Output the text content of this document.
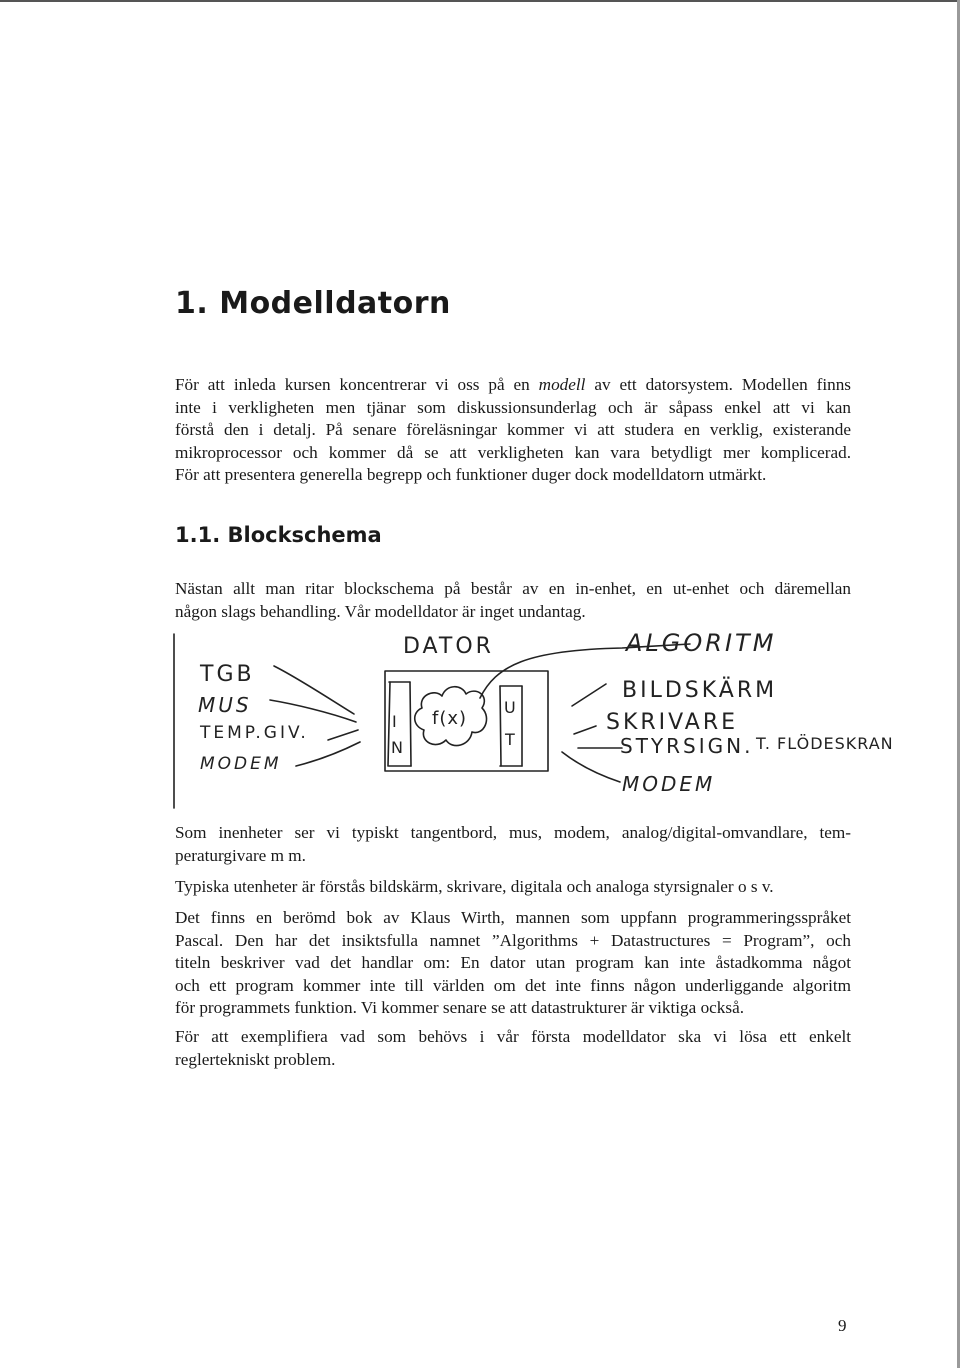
1. Modelldatorn

För att inleda kursen koncentrerar vi oss på en modell av ett datorsystem. Modellen finns
inte i verkligheten men tjänar som diskussionsunderlag och är såpass enkel att vi kan
förstå den i detalj. På senare föreläsningar kommer vi att studera en verklig, existerande
mikroprocessor och kommer då se att verkligheten kan vara betydligt mer komplicerad.
För att presentera generella begrepp och funktioner duger dock modelldatorn utmärkt.

1.1. Blockschema

Nästan allt man ritar blockschema på består av en in-enhet, en ut-enhet och däremellan
någon slags behandling. Vår modelldator är inget undantag.

DATOR	ALGORITM

TGB

MUS

TEMP.GIV.

MODEM

I

N

U

T

f(x)

BILDSKÄRM

SKRIVARE

STYRSIGN. T. FLÖDESKRAN

MODEM

Som inenheter ser vi typiskt tangentbord, mus, modem, analog/digital-omvandlare, tem-
peraturgivare m m.

Typiska utenheter är förstås bildskärm, skrivare, digitala och analoga styrsignaler o s v.

Det finns en berömd bok av Klaus Wirth, mannen som uppfann programmeringsspråket
Pascal. Den har det insiktsfulla namnet ”Algorithms + Datastructures = Program”, och
titeln beskriver vad det handlar om: En dator utan program kan inte åstadkomma något
och ett program kommer inte till världen om det inte finns någon underliggande algoritm
för programmets funktion. Vi kommer senare se att datastrukturer är viktiga också.

För att exemplifiera vad som behövs i vår första modelldator ska vi lösa ett enkelt
reglertekniskt problem.

9
